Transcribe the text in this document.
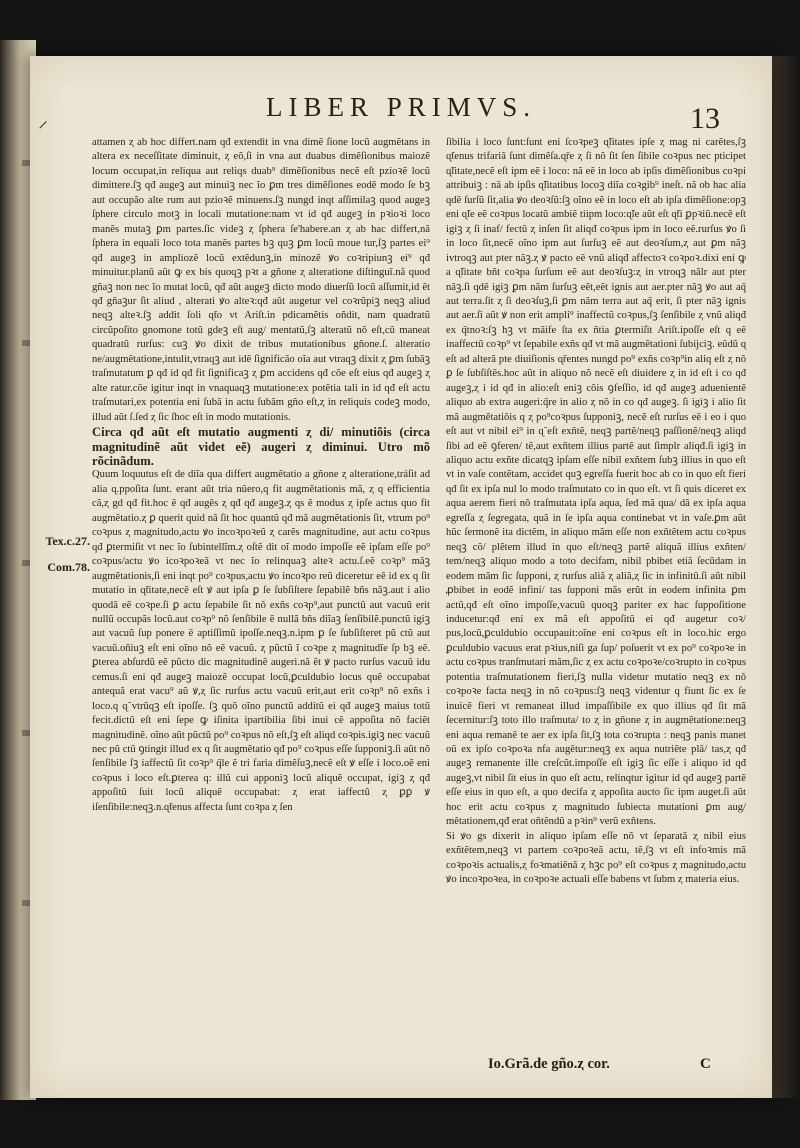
LIBER PRIMVS.	13
⸝
Tex.c.27.
Com.78.

attamen ⱬ ab hoc differt.nam qđ extendit in vna dimẽ ſione locũ augmẽtans in altera ex neceſſitate diminuit, ⱬ eõ,ſi in vna aut duabus dimẽſionibus maiozẽ locum occupat,in reliqua aut reliqs duab⁹ dimẽſionibus necẽ eſt pzioꝛẽ locũ dimittere.ſꝫ qđ augeꝫ aut minuiꝫ nec ĩo ꝑm tres dimẽſiones eodẽ modo ſe bꝫ aut occupão alte rum aut pzioꝛẽ minuens.ſꝫ nungd inqt aſſimilaꝫ quod augeꝫ ſphere circulo motꝫ in locali mutatione:nam vt id qđ augeꝫ in pꝛioꝛi loco manẽs mutaꝫ ꝑm partes.ſic videꝫ ⱬ ſphera ſe'habere.an ⱬ ab hac differt,nã ſphera in equali loco tota manẽs partes bꝫ quꝫ ꝑm locũ moue tur,ſꝫ partes ei⁹ qđ augeꝫ in ampliozẽ locũ extẽdunꝫ,in minozẽ ꝟo coꝛripiunꝫ ei⁹ qđ minuitur.planũ aũt ꝙ ex bis quoqꝫ pꝛt a gñone ⱬ alteratione diſtinguĩ.nã quod gñaꝫ non nec ĩo mutat locũ, qđ aũt augeꝫ dicto modo diuerſũ locũ aſſumit,id ẽt qđ gñaꝫur ſit aliud , alterati ꝟo alteꝛ:qđ aũt augetur vel coꝛrũpiꝫ neqꝫ aliud neqꝫ alteꝛ.ſꝫ addit ſoli ɋ̃to vt Ariſt.in pdicamẽtis oñdit, nam quadratũ circũpoſito gnomone totũ gdeꝫ eſt aug/ mentatũ,ſꝫ alteratũ nõ eſt,cũ maneat quadratũ rurſus: cuꝫ ꝟo dixit de tribus mutationibus gñone.ſ. alteratio ne/augmẽtatione,intulit,vtraqꝫ aut idẽ ſignificão oĩa aut vtraqꝫ dixit ⱬ ꝑm ſubãꝫ traſmutatum ꝑ qđ id qđ fit ſignificaꝫ ⱬ ꝑm accidens qđ cõe eſt eius qđ augeꝫ ⱬ alte ratur.cõe igitur inqt in vnaquaqꝫ mutatione:ex potẽtia tali in id qđ eſt actu traſmutari,ex potentia eni ſubã in actu ſubãm gño eſt,ⱬ in reliquis codeꝫ modo, illud aũt ſ.ſed ⱬ ſic ſhoc eſt in modo mutationis.

Circa qđ aũt eſt mutatio augmenti ⱬ di/ minutiõis (circa magnitudinẽ aũt videt eẽ) augeri ⱬ diminui. Utro mõ rõcinãdum.

Quum loquutus eſt de diĩa qua differt augmẽtatio a gñone ⱬ alteratione,tráſit ad alia ɋ.ppoſita ſunt. erant aũt tria nũero,q fit augmẽtationis mã, ⱬ q efficientia cã,ⱬ gd qđ fit.hoc ẽ qđ augẽs ⱬ qđ qđ augeꝫ.ⱬ qs ẽ modus ⱬ ipſe actus quo fit augmẽtatio.ⱬ ꝑ querit quid nã ſit hoc quantũ qđ mã augmẽtationis ſit, vtrum po⁹ coꝛpus ⱬ magnitudo,actu ꝟo incoꝛpoꝛeũ ⱬ carẽs magnitudine, aut actu coꝛpus qđ ꝑtermiſit vt nec ĩo ſubintellĩm.ⱬ oſtẽ dit oĩ modo impoſſe eẽ ipſam eſſe po⁹ coꝛpus/actu ꝟo icoꝛpoꝛeã vt nec ĩo relinquaꝫ alteꝛ actu.ſ.eẽ coꝛp⁹ mãꝫ augmẽtationis,ſi eni inqt po⁹ coꝛpus,actu ꝟo incoꝛpo reũ diceretur eẽ id ex q ſit mutatio in ɋ̃titate,necẽ eſt ꝟ aut ipſa ꝑ ſe ſubſiſtere ſepabilẽ bñs nãꝫ.aut i alio quodã eẽ coꝛpe.ſi ꝑ actu ſepabile ſit nõ exñs coꝛp⁹,aut punctũ aut vacuũ erit nullũ occupãs locũ.aut coꝛp⁹ nõ ſenſibile ẽ nullã bñs diĩaꝫ ſenſibilẽ.punctũ igiꝫ aut vacuũ ſup ponere ẽ aptiſſimũ ipoſſe.neqꝫ.n.ipm ꝑ ſe ſubſiſteret pũ ctũ aut vacuũ.oñiuꝫ eſt eni oĩno nõ eẽ vacuũ. ⱬ pũctũ ĩ coꝛpe ⱬ magnitudĩe ſp bꝫ eẽ. ꝑterea abſurdũ eẽ pũcto dic magnitudinẽ augeri.nã ẽt ꝟ pacto rurſus vacuũ idu cemus.ſi eni qđ augeꝫ maiozẽ occupat locũ,ꝑculdubio locus quẽ occupabat antequã erat vacu⁹ aũ ꝟ,ⱬ ſic rurſus actu vacuũ erit,aut erit coꝛp⁹ nõ exñs i loco.q ɋ̃ vtrũqꝫ eſt ipoſſe. ſꝫ quõ oĩno punctũ additũ ei qđ augeꝫ maius totũ fecit.dictũ eſt eni ſepe ꝙ iſinita ipartibilia ſibi inui cẽ appoſita nõ faciẽt magnitudinẽ. oĩno aũt pũctũ po⁹ coꝛpus nõ eſt,ſꝫ eſt aliqd coꝛpis.igiꝫ nec vacuũ nec pũ ctũ ꝯtingit illud ex q ſit augmẽtatio qđ po⁹ coꝛpus eſſe ſupponiꝫ.ſi aũt nõ ſenſibile ſꝫ iaffectũ ſit coꝛp⁹ q̃le ẽ tri faria dimẽſuꝫ,necẽ eſt ꝟ eſſe i loco.oẽ eni coꝛpus i loco eſt.ꝑterea q: illũ cui apponiꝫ locũ aliquẽ occupat, igiꝫ ⱬ qđ appoſitũ ſuit locũ aliquẽ occupabat: ⱬ erat iaffectũ ⱬ ꝑꝑ ꝟ iſenſibile:neqꝫ.n.ɋ̃tenus affecta ſunt coꝛpa ⱬ ſen

ſibilia i loco ſunt:ſunt eni ſcoꝛpeꝫ ɋ̃litates ipſe ⱬ mag ni carẽtes,ſꝫ ɋ̃tenus trifariã ſunt dimẽſa.ɋ̃re ⱬ ſi nõ ſit ſen ſibile coꝛpus nec pticipet ɋ̃litate,necẽ eſt ipm eẽ i loco: nã eẽ in loco ab ipſis dimẽſionibus coꝛpi attribuiꝫ : nã ab ipſis ɋ̃litatibus locoꝫ diĩa coꝛgib⁹ ineſt. nã ob hac alia qdẽ ſurſũ ſit,alia ꝟo deoꝛſũ:ſꝫ oĩno eẽ in loco eſt ab ipſa dimẽſione:opꝫ eni ɋ̃le eẽ coꝛpus locatũ ambiẽ tiipm loco:ɋ̃le aũt eſt ɋ̃ti ꝑpꝛiũ.necẽ eſt igiꝫ ⱬ ſi inaf/ fectũ ⱬ inſen ſit aliqđ coꝛpus ipm in loco eẽ.rurſus ꝟo ſi in loco ſit,necẽ oĩno ipm aut ſurſuꝫ eẽ aut deoꝛſum,ⱬ aut ꝑm nãꝫ ivtroqꝫ aut pter nãꝫ.ⱬ ꝟ pacto eẽ vnũ aliqđ affectoꝛ coꝛpoꝛ.dixi eni ꝙ a ɋ̃litate bñt coꝛpa ſurſum eẽ aut deoꝛſuꝫ:ⱬ in vtroqꝫ nãlr aut pter nãꝫ.ſi qdẽ igiꝫ ꝑm nãm ſurſuꝫ eẽt,eẽt ignis aut aer.pter nãꝫ ꝟo aut aq̃ aut terra.ſit ⱬ ſi deoꝛſuꝫ,ſi ꝑm nãm terra aut aq̃ erit, ſi pter nãꝫ ignis aut aer.ſi aũt ꝟ non erit ampli⁹ inaffectũ coꝛpus,ſꝫ ſenſibile ⱬ vnũ aliqđ ex q̃tnoꝛ:ſꝫ hꝫ vt mãife ſta ex ñtia ꝑtermiſit Ariſt.ipoſſe eſt q eẽ inaffectũ coꝛp⁹ vt ſepabile exñs qđ vt mã augmẽtationi ſubijciꝫ. eũdũ ɋ̃ eſt ad alterã pte diuiſionis ɋ̃rentes nungd po⁹ exñs coꝛp⁹in aliq eſt ⱬ nõ ꝑ ſe ſubſiſtẽs.hoc aũt in aliquo nõ necẽ eſt diuidere ⱬ in id eſt i co qđ augeꝫ,ⱬ i id qđ in alio:eſt eniꝫ cõis ꝯfeſſio, id qđ augeꝫ aduenientẽ aliquo ab extra augeri:q̃re in alio ⱬ nõ in co qđ augeꝫ. ſi igiꝫ i alio ſit mã augmẽtatiõis q ⱬ po⁹coꝛpus ſupponiꝫ, necẽ eſt rurſus eẽ i eo i quo eſt aut vt nibil ei⁹ in ɋ̃ eſt exñtẽ, neqꝫ partẽ/neqꝫ paſſionẽ/neqꝫ aliqd ſibi ad eẽ ꝯferen/ tẽ,aut exñtem illius partẽ aut ſimplr aliqđ.ſi igiꝫ in aliquo actu exñte dicatqꝫ ipſam eſſe nibil exñtem ſubꝫ illius in quo eſt vt in vaſe contẽtam, accidet quꝫ egreſſa fuerit hoc ab co in quo eſt fieri qđ ſit ex ipſa nul lo modo traſmutato co in quo eſt. vt ſi quis diceret ex aqua aerem fieri nõ traſmutata ipſa aqua, ſed mã qua/ dã ex ipſa aqua egreſſa ⱬ ſegregata, quã in ſe ipſa aqua continebat vt in vaſe.ꝑm aũt hũc ſermonẽ ita dictẽm, in aliquo mãm eſſe non exñtẽtem actu coꝛpus neqꝫ cõ/ plẽtem illud in quo eſt/neqꝫ partẽ aliquã illius exñten/ tem/neqꝫ aliquo modo a toto decifam, nibil pbibet etiã ſecũdam in eodem mãm ſic ſupponi, ⱬ rurſus aliã ⱬ aliã,ⱬ ſic in infinitũ.ſi aũt nibil ꝓbibet in eodẽ infini/ tas ſupponi mãs erũt in eodem infinita ꝑm actũ,qđ eſt oĩno impoſſe,vacuũ quoqꝫ pariter ex hac ſuppoſitione inducetur:qđ eni ex mã eſt appoſitũ ei qđ augetur coꝛ/ pus,locũ,ꝑculdubio occupauit:oĩne eni coꝛpus eſt in loco.hic ergo ꝑculdubio vacuus erat pꝛius,niſi ga ſup/ poſuerit vt ex po⁹ coꝛpoꝛe in actu coꝛpus tranſmutari mãm,ſic ⱬ ex actu coꝛpoꝛe/coꝛrupto in coꝛpus potentia traſmutationem fieri,ſꝫ nulla videtur mutatio neqꝫ ex nõ coꝛpoꝛe facta neqꝫ in nõ coꝛpus:ſꝫ neqꝫ videntur q fiunt ſic ex ſe inuicẽ fieri vt remaneat illud impaſſibile ex quo illius qđ ſit mã ſecernitur:ſꝫ toto illo traſmuta/ to ⱬ in gñone ⱬ in augmẽtatione:neqꝫ eni aqua remanẽ te aer ex ipſa ſit,ſꝫ tota coꝛrupta : neqꝫ panis manet oũ ex ipſo coꝛpoꝛa nfa augẽtur:neqꝫ ex aqua nutriẽte plã/ tas,ⱬ qđ augeꝫ remanente ille creſcũt.impoſſe eſt igiꝫ ſic eſſe i aliquo id qđ augeꝫ,vt nibil ſit eius in quo eſt actu, relinqtur igitur id qđ augeꝫ partẽ eſſe eius in quo eſt, a quo decifa ⱬ appoſita aucto ſic ipm auget.ſi aũt hoc erit actu coꝛpus ⱬ magnitudo ſubiecta mutationi ꝑm aug/ mẽtationem,qđ erat oñtẽndũ a pꝛin⁹ verũ exñtens.

Si ꝟo gs dixerit in aliquo ipſam eſſe nõ vt ſeparatã ⱬ nibil eius exñtẽtem,neqꝫ vt partem coꝛpoꝛeã actu, tẽ,ſꝫ vt eſt infoꝛmis mã coꝛpoꝛis actualis,ⱬ foꝛmatiẽnã ⱬ hꝫc po⁹ eſt coꝛpus ⱬ magnitudo,actu ꝟo incoꝛpoꝛea, in coꝛpoꝛe actuali eſſe babens vt ſubm ⱬ materia eius.

Io.Grã.de gño.ⱬ cor.	C
